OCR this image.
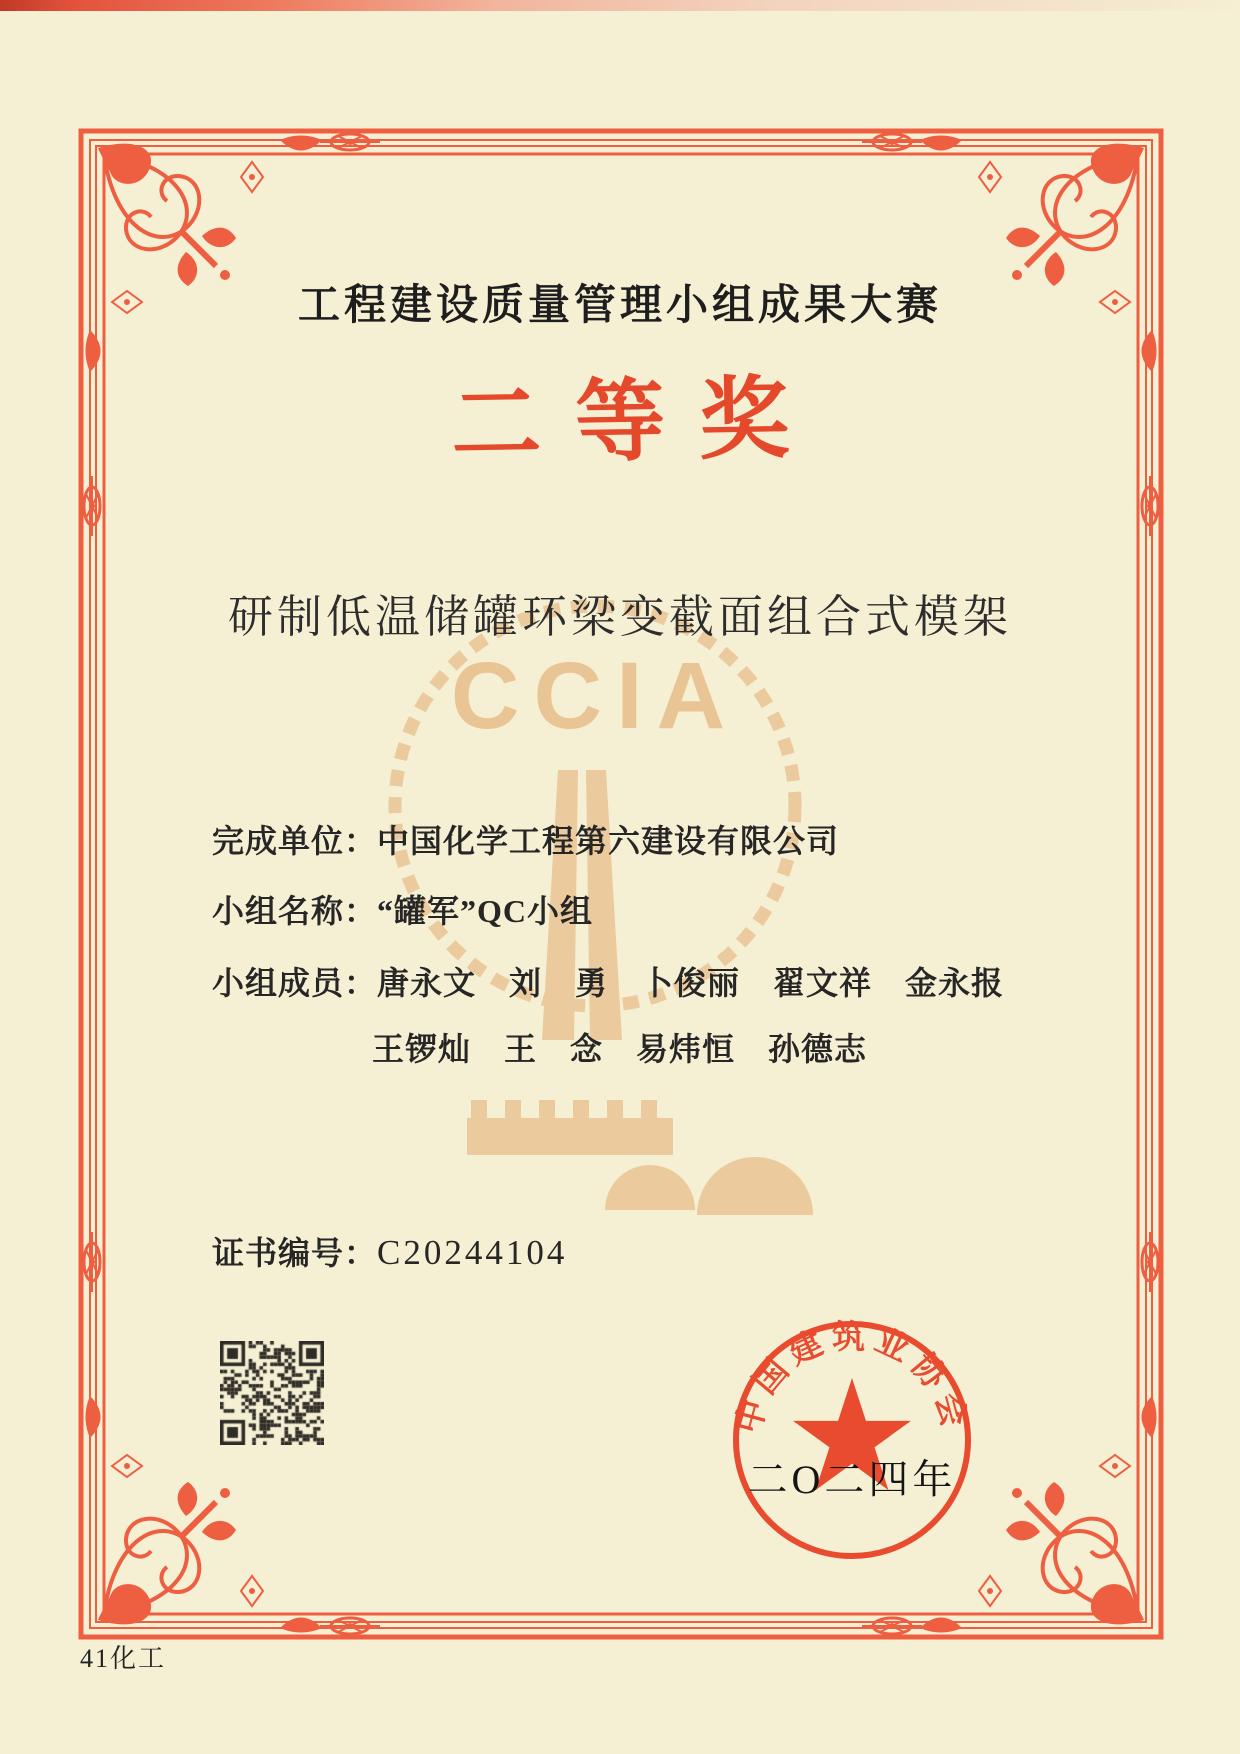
CCIA
工程建设质量管理小组成果大赛
二等奖
研制低温储罐环梁变截面组合式模架
完成单位：中国化学工程第六建设有限公司
小组名称：“罐军”QC小组
小组成员：唐永文　刘　勇　卜俊丽　翟文祥　金永报
王锣灿　王　念　易炜恒　孙德志
证书编号：C20244104
中国建筑业协会
二O二四年
41化工
